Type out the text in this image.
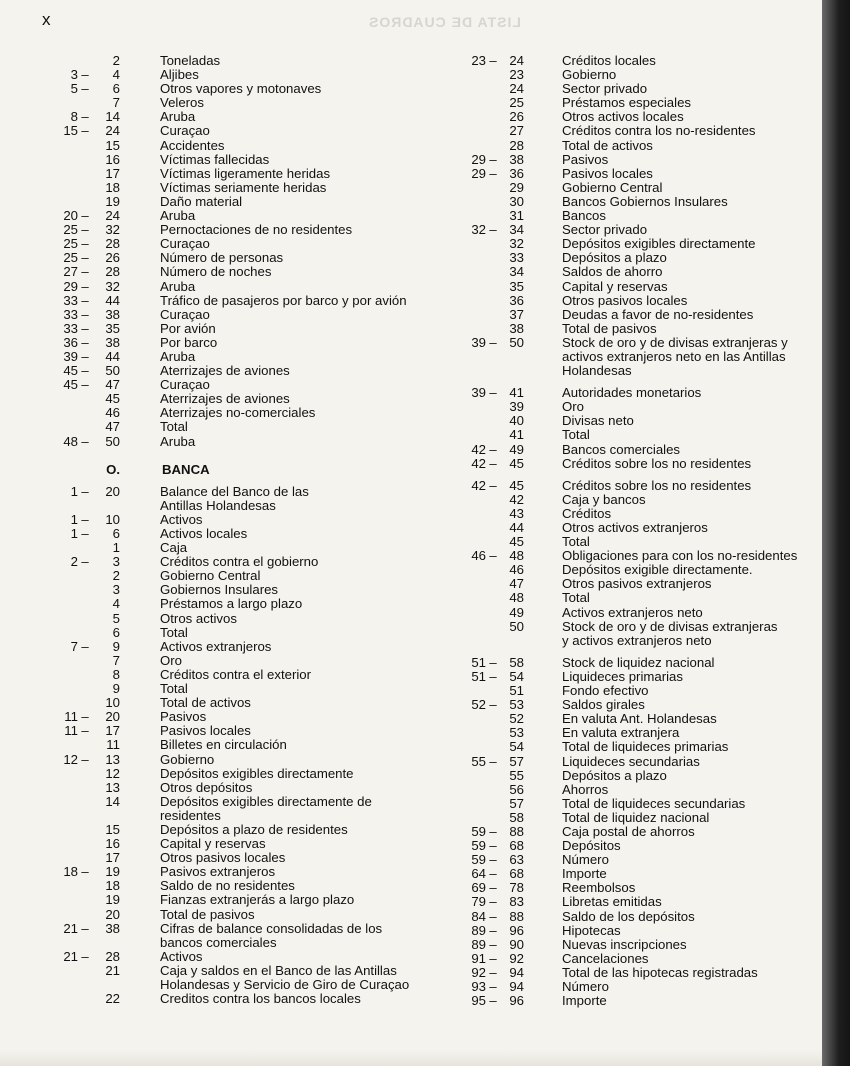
LISTA DE CUADROS
x
2	Toneladas
3 –	4	Aljibes
5 –	6	Otros vapores y motonaves
7	Veleros
8 –	14	Aruba
15 –	24	Curaçao
15	Accidentes
16	Víctimas fallecidas
17	Víctimas ligeramente heridas
18	Víctimas seriamente heridas
19	Daño material
20 –	24	Aruba
25 –	32	Pernoctaciones de no residentes
25 –	28	Curaçao
25 –	26	Número de personas
27 –	28	Número de noches
29 –	32	Aruba
33 –	44	Tráfico de pasajeros por barco y por avión
33 –	38	Curaçao
33 –	35	Por avión
36 –	38	Por barco
39 –	44	Aruba
45 –	50	Aterrizajes de aviones
45 –	47	Curaçao
45	Aterrizajes de aviones
46	Aterrizajes no-comerciales
47	Total
48 –	50	Aruba
O.	BANCA
1 –	20	Balance del Banco de las
Antillas Holandesas
1 –	10	Activos
1 –	6	Activos locales
1	Caja
2 –	3	Créditos contra el gobierno
2	Gobierno Central
3	Gobiernos Insulares
4	Préstamos a largo plazo
5	Otros activos
6	Total
7 –	9	Activos extranjeros
7	Oro
8	Créditos contra el exterior
9	Total
10	Total de activos
11 –	20	Pasivos
11 –	17	Pasivos locales
11	Billetes en circulación
12 –	13	Gobierno
12	Depósitos exigibles directamente
13	Otros depósitos
14	Depósitos exigibles directamente de
residentes
15	Depósitos a plazo de residentes
16	Capital y reservas
17	Otros pasivos locales
18 –	19	Pasivos extranjeros
18	Saldo de no residentes
19	Fianzas extranjerás a largo plazo
20	Total de pasivos
21 –	38	Cifras de balance consolidadas de los
bancos comerciales
21 –	28	Activos
21	Caja y saldos en el Banco de las Antillas
Holandesas y Servicio de Giro de Curaçao
22	Creditos contra los bancos locales
23 – 24	Créditos locales
23	Gobierno
24	Sector privado
25	Préstamos especiales
26	Otros activos locales
27	Créditos contra los no-residentes
28	Total de activos
29 – 38	Pasivos
29 – 36	Pasivos locales
29	Gobierno Central
30	Bancos Gobiernos Insulares
31	Bancos
32 – 34	Sector privado
32	Depósitos exigibles directamente
33	Depósitos a plazo
34	Saldos de ahorro
35	Capital y reservas
36	Otros pasivos locales
37	Deudas a favor de no-residentes
38	Total de pasivos
39 – 50	Stock de oro y de divisas extranjeras y
activos extranjeros neto en las Antillas
Holandesas
39 – 41	Autoridades monetarios
39	Oro
40	Divisas neto
41	Total
42 – 49	Bancos comerciales
42 – 45	Créditos sobre los no residentes
42 – 45	Créditos sobre los no residentes
42	Caja y bancos
43	Créditos
44	Otros activos extranjeros
45	Total
46 – 48	Obligaciones para con los no-residentes
46	Depósitos exigible directamente.
47	Otros pasivos extranjeros
48	Total
49	Activos extranjeros neto
50	Stock de oro y de divisas extranjeras
y activos extranjeros neto
51 – 58	Stock de liquidez nacional
51 – 54	Liquideces primarias
51	Fondo efectivo
52 – 53	Saldos girales
52	En valuta Ant. Holandesas
53	En valuta extranjera
54	Total de liquideces primarias
55 – 57	Liquideces secundarias
55	Depósitos a plazo
56	Ahorros
57	Total de liquideces secundarias
58	Total de liquidez nacional
59 – 88	Caja postal de ahorros
59 – 68	Depósitos
59 – 63	Número
64 – 68	Importe
69 – 78	Reembolsos
79 – 83	Libretas emitidas
84 – 88	Saldo de los depósitos
89 – 96	Hipotecas
89 – 90	Nuevas inscripciones
91 – 92	Cancelaciones
92 – 94	Total de las hipotecas registradas
93 – 94	Número
95 – 96	Importe
